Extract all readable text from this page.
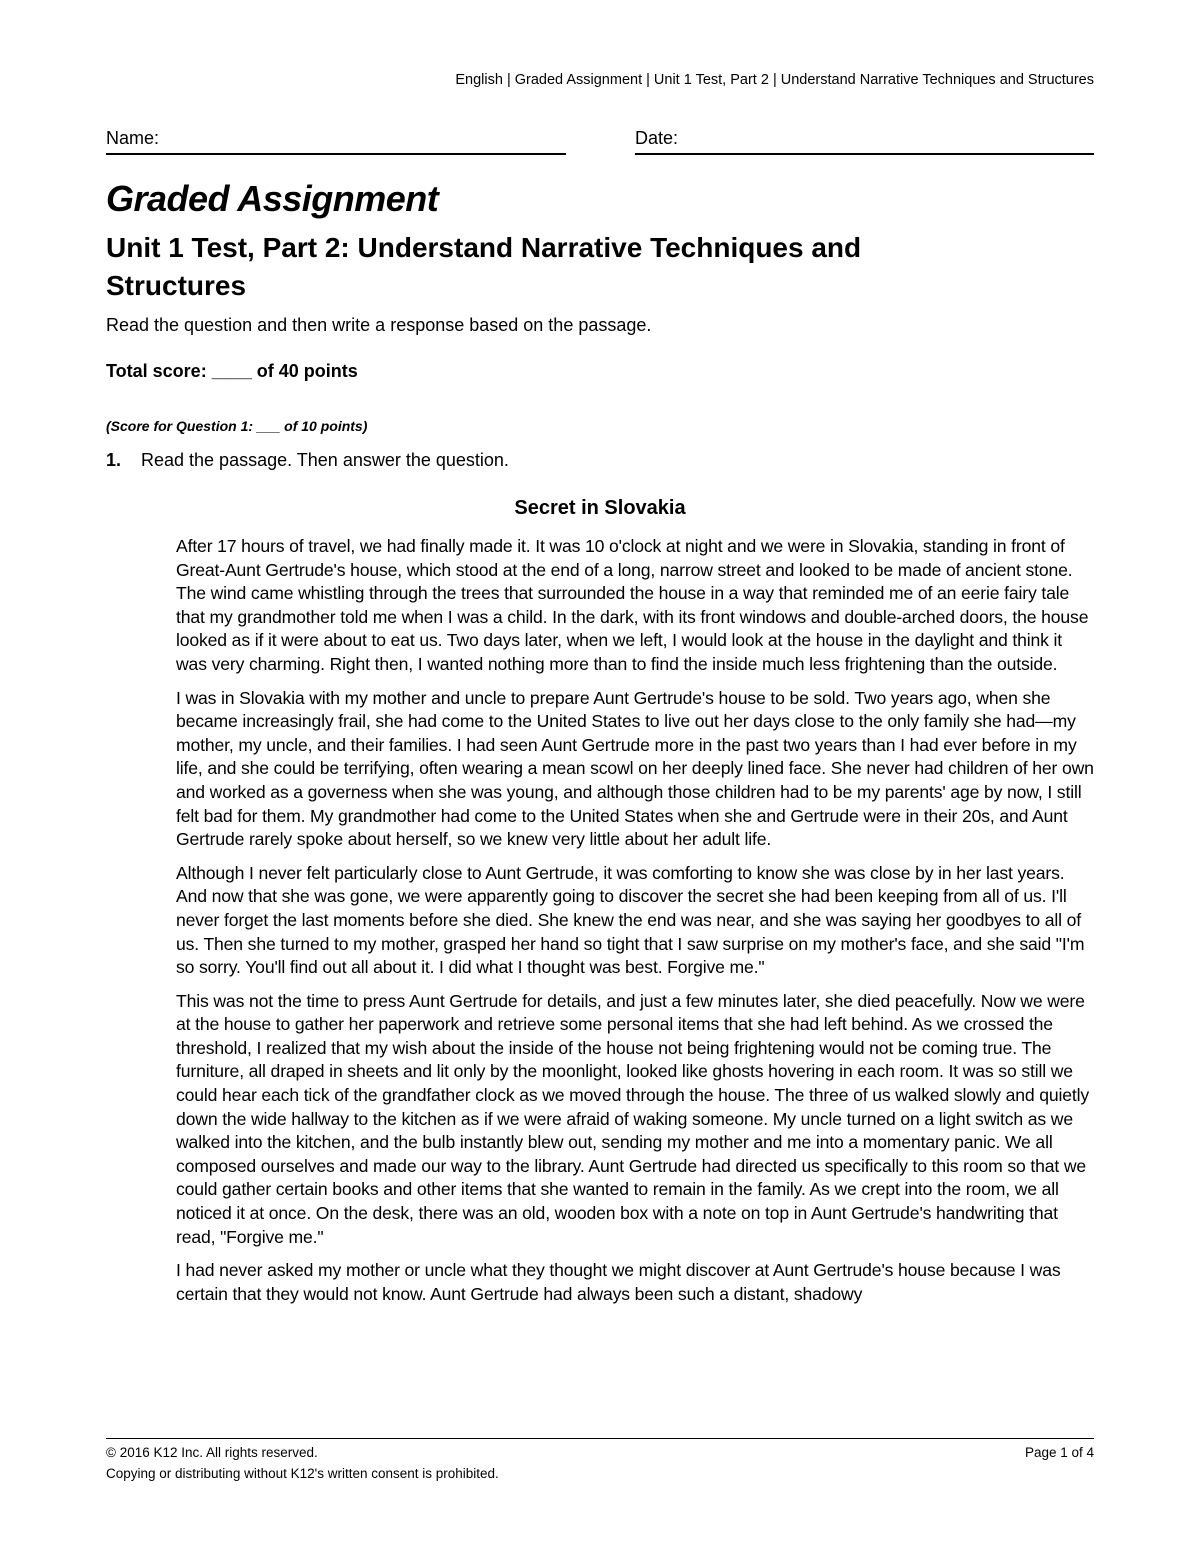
English | Graded Assignment | Unit 1 Test, Part 2 | Understand Narrative Techniques and Structures
Name:	Date:
Graded Assignment
Unit 1 Test, Part 2: Understand Narrative Techniques and Structures
Read the question and then write a response based on the passage.
Total score: ____ of 40 points
(Score for Question 1: ___ of 10 points)
1. Read the passage. Then answer the question.
Secret in Slovakia

After 17 hours of travel, we had finally made it. It was 10 o'clock at night and we were in Slovakia, standing in front of Great-Aunt Gertrude's house, which stood at the end of a long, narrow street and looked to be made of ancient stone. The wind came whistling through the trees that surrounded the house in a way that reminded me of an eerie fairy tale that my grandmother told me when I was a child. In the dark, with its front windows and double-arched doors, the house looked as if it were about to eat us. Two days later, when we left, I would look at the house in the daylight and think it was very charming. Right then, I wanted nothing more than to find the inside much less frightening than the outside.

I was in Slovakia with my mother and uncle to prepare Aunt Gertrude's house to be sold. Two years ago, when she became increasingly frail, she had come to the United States to live out her days close to the only family she had—my mother, my uncle, and their families. I had seen Aunt Gertrude more in the past two years than I had ever before in my life, and she could be terrifying, often wearing a mean scowl on her deeply lined face. She never had children of her own and worked as a governess when she was young, and although those children had to be my parents' age by now, I still felt bad for them. My grandmother had come to the United States when she and Gertrude were in their 20s, and Aunt Gertrude rarely spoke about herself, so we knew very little about her adult life.

Although I never felt particularly close to Aunt Gertrude, it was comforting to know she was close by in her last years. And now that she was gone, we were apparently going to discover the secret she had been keeping from all of us. I'll never forget the last moments before she died. She knew the end was near, and she was saying her goodbyes to all of us. Then she turned to my mother, grasped her hand so tight that I saw surprise on my mother's face, and she said "I'm so sorry. You'll find out all about it. I did what I thought was best. Forgive me."

This was not the time to press Aunt Gertrude for details, and just a few minutes later, she died peacefully. Now we were at the house to gather her paperwork and retrieve some personal items that she had left behind. As we crossed the threshold, I realized that my wish about the inside of the house not being frightening would not be coming true. The furniture, all draped in sheets and lit only by the moonlight, looked like ghosts hovering in each room. It was so still we could hear each tick of the grandfather clock as we moved through the house. The three of us walked slowly and quietly down the wide hallway to the kitchen as if we were afraid of waking someone. My uncle turned on a light switch as we walked into the kitchen, and the bulb instantly blew out, sending my mother and me into a momentary panic. We all composed ourselves and made our way to the library. Aunt Gertrude had directed us specifically to this room so that we could gather certain books and other items that she wanted to remain in the family. As we crept into the room, we all noticed it at once. On the desk, there was an old, wooden box with a note on top in Aunt Gertrude's handwriting that read, "Forgive me."

I had never asked my mother or uncle what they thought we might discover at Aunt Gertrude's house because I was certain that they would not know. Aunt Gertrude had always been such a distant, shadowy

© 2016 K12 Inc. All rights reserved.
Copying or distributing without K12's written consent is prohibited.
Page 1 of 4
